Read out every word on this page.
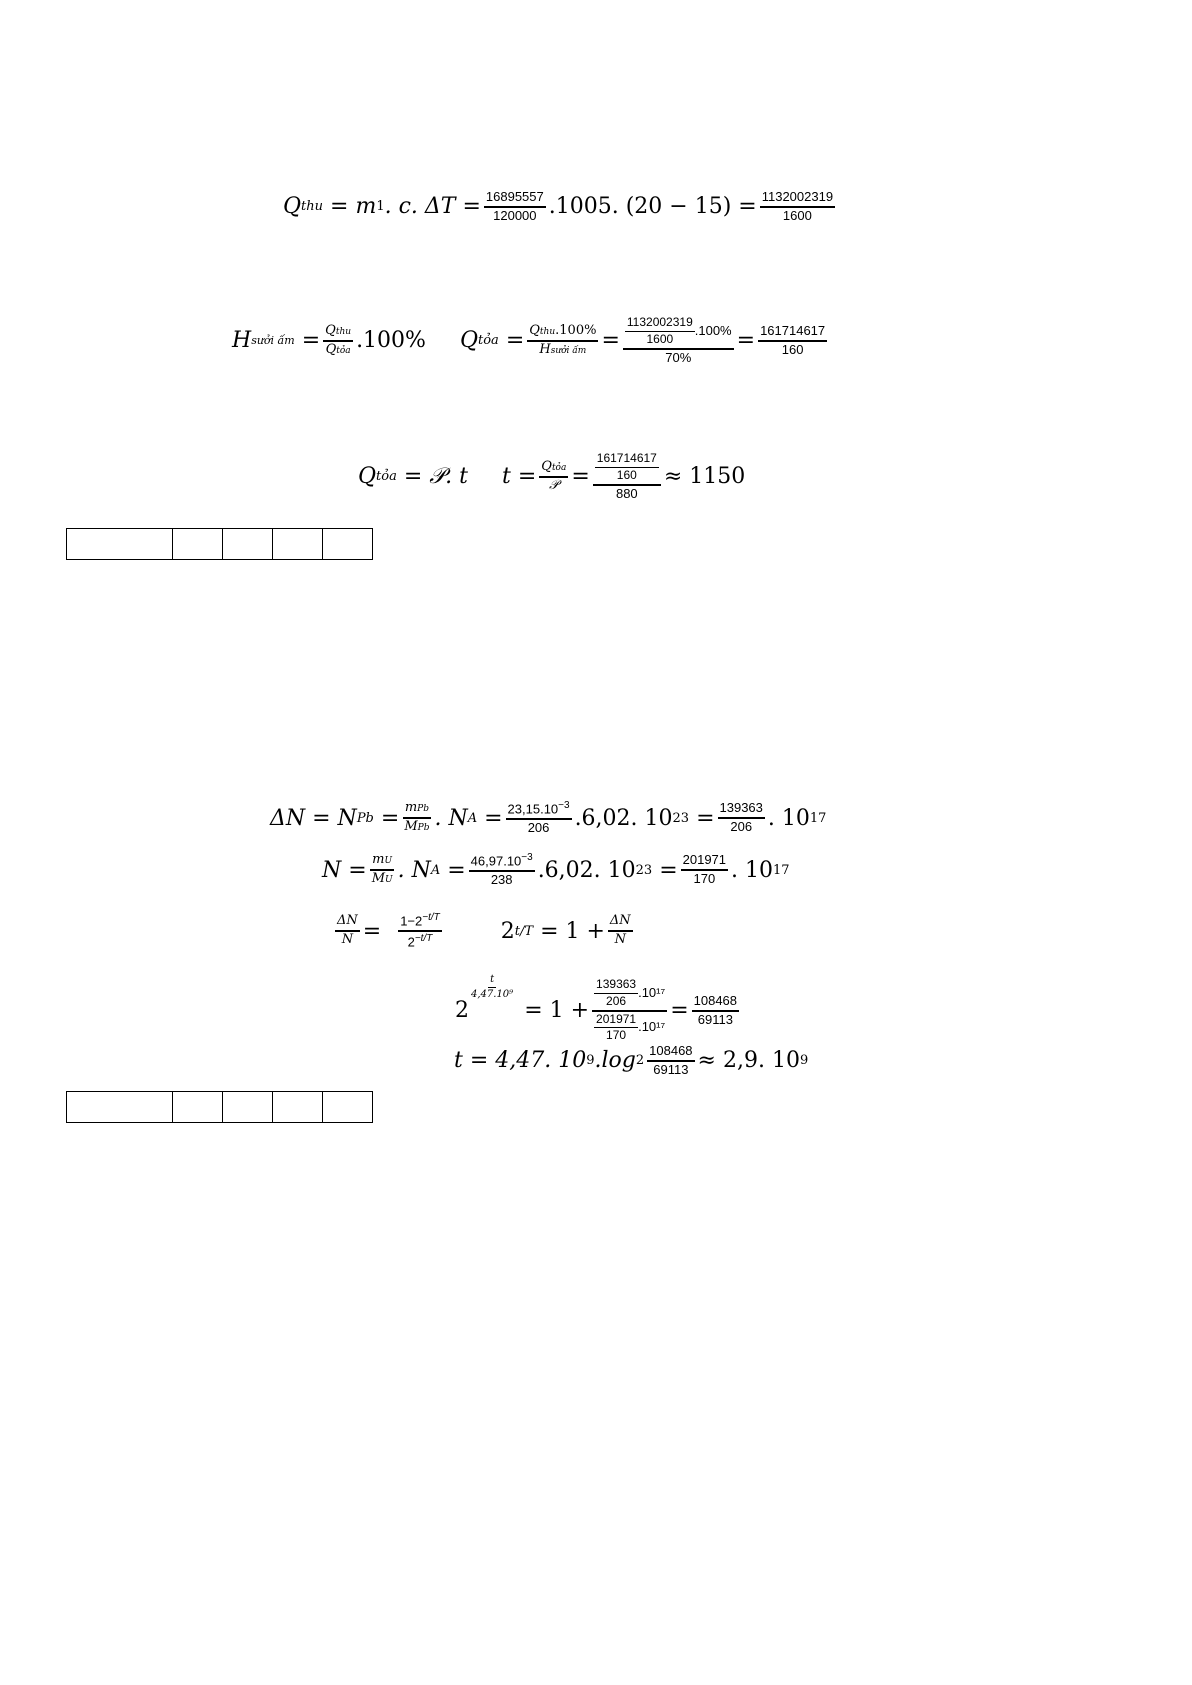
Q thu
= m 1 . c. $\Delta T = \frac{16895557}{120000} .1005$. $(20 - 15) = \frac{1132002319}{1600}$
H sưởi ấm
= $\frac{\text{Qthu}}{\text{Qtỏa}} .100\%$ Q tỏa
= $\frac{\text{Qthu.100\%}}{\text{Hsưởi ấm}} = \frac{\frac{1132002319}{1600} .100\%}{70\%} = \frac{161714617}{160}$
Q tỏa
= 𝒫. t $t = \frac{\text{Qtỏa}}{\text{𝒫}} = \frac{\frac{161714617}{160}}{880} \approx 1150$

ΔN = N Pb
= $\frac{\text{mPb}}{\text{MPb}}$ . N A
= $\frac{23,15.10^{-3}}{206} .6,02$. 10 23
= $\frac{139363}{206}$ . 10 17
$N = \frac{mU}{MU}$ . N A
= $\frac{46,97.10^{-3}}{238} .6,02$. 10 23
= $\frac{201971}{170}$ . 10 17
$\frac{\Delta N}{N}$ =
$\frac{1-2^{-t/T}}{2^{-t/T}}$	2 t/T
= $1 + \frac{\Delta N}{N}$
2
$\frac{t}{\text{4,47.10⁹}}$

= $1 + \frac{\frac{139363}{206} .10^{17}}{\frac{201971}{170} .10^{17}} = \frac{108468}{69113}$
t = 4,47. 10 9 .log $2 \frac{108468}{69113} \approx 2,9$. 10 9
